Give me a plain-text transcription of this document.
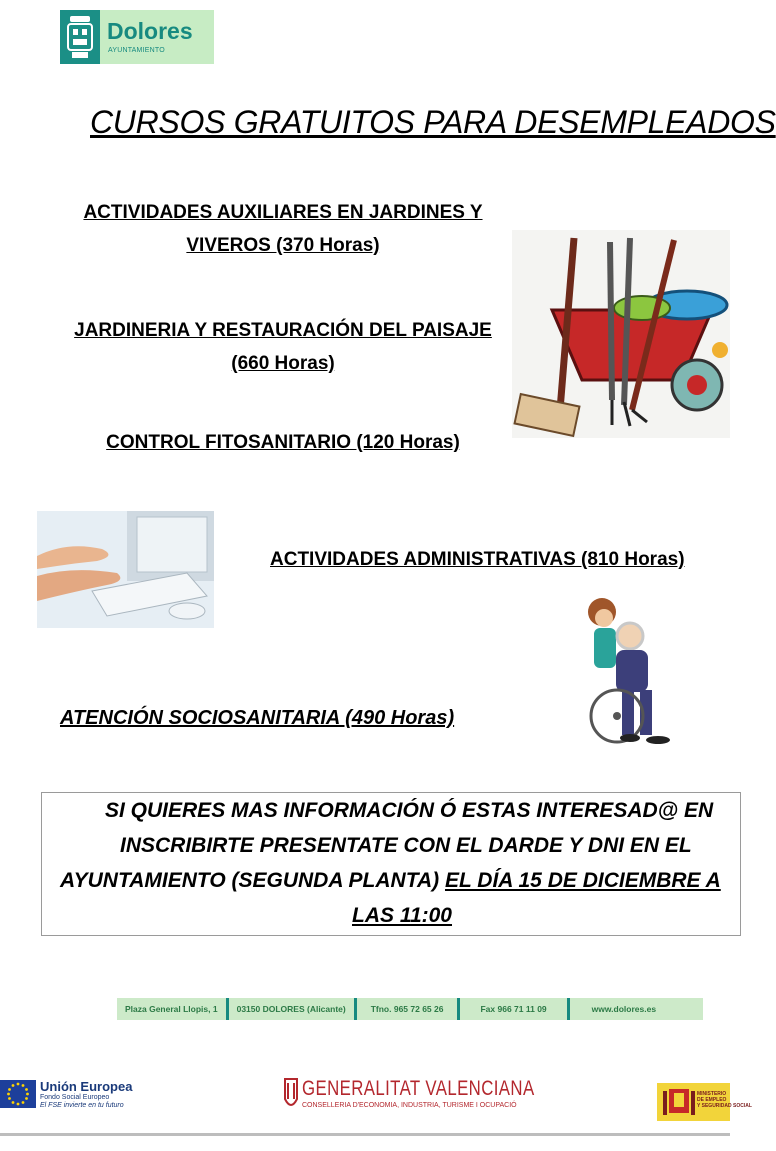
Dolores
AYUNTAMIENTO
CURSOS GRATUITOS PARA DESEMPLEADOS
ACTIVIDADES AUXILIARES EN JARDINES Y
VIVEROS (370 Horas)
JARDINERIA Y RESTAURACIÓN DEL PAISAJE
(660 Horas)
CONTROL FITOSANITARIO (120 Horas)
ACTIVIDADES ADMINISTRATIVAS (810 Horas)
ATENCIÓN SOCIOSANITARIA (490 Horas)
SI QUIERES MAS INFORMACIÓN Ó ESTAS INTERESAD@ EN
INSCRIBIRTE PRESENTATE CON EL DARDE Y DNI EN EL
AYUNTAMIENTO (SEGUNDA PLANTA) EL DÍA 15 DE DICIEMBRE A
LAS 11:00
Plaza General Llopis, 1	03150 DOLORES (Alicante)	Tfno. 965 72 65 26	Fax 966 71 11 09	www.dolores.es
Unión Europea
Fondo Social Europeo
El FSE invierte en tu futuro
GENERALITAT VALENCIANA
CONSELLERIA D'ECONOMIA, INDUSTRIA, TURISME I OCUPACIÓ
MINISTERIO
DE EMPLEO
Y SEGURIDAD SOCIAL
